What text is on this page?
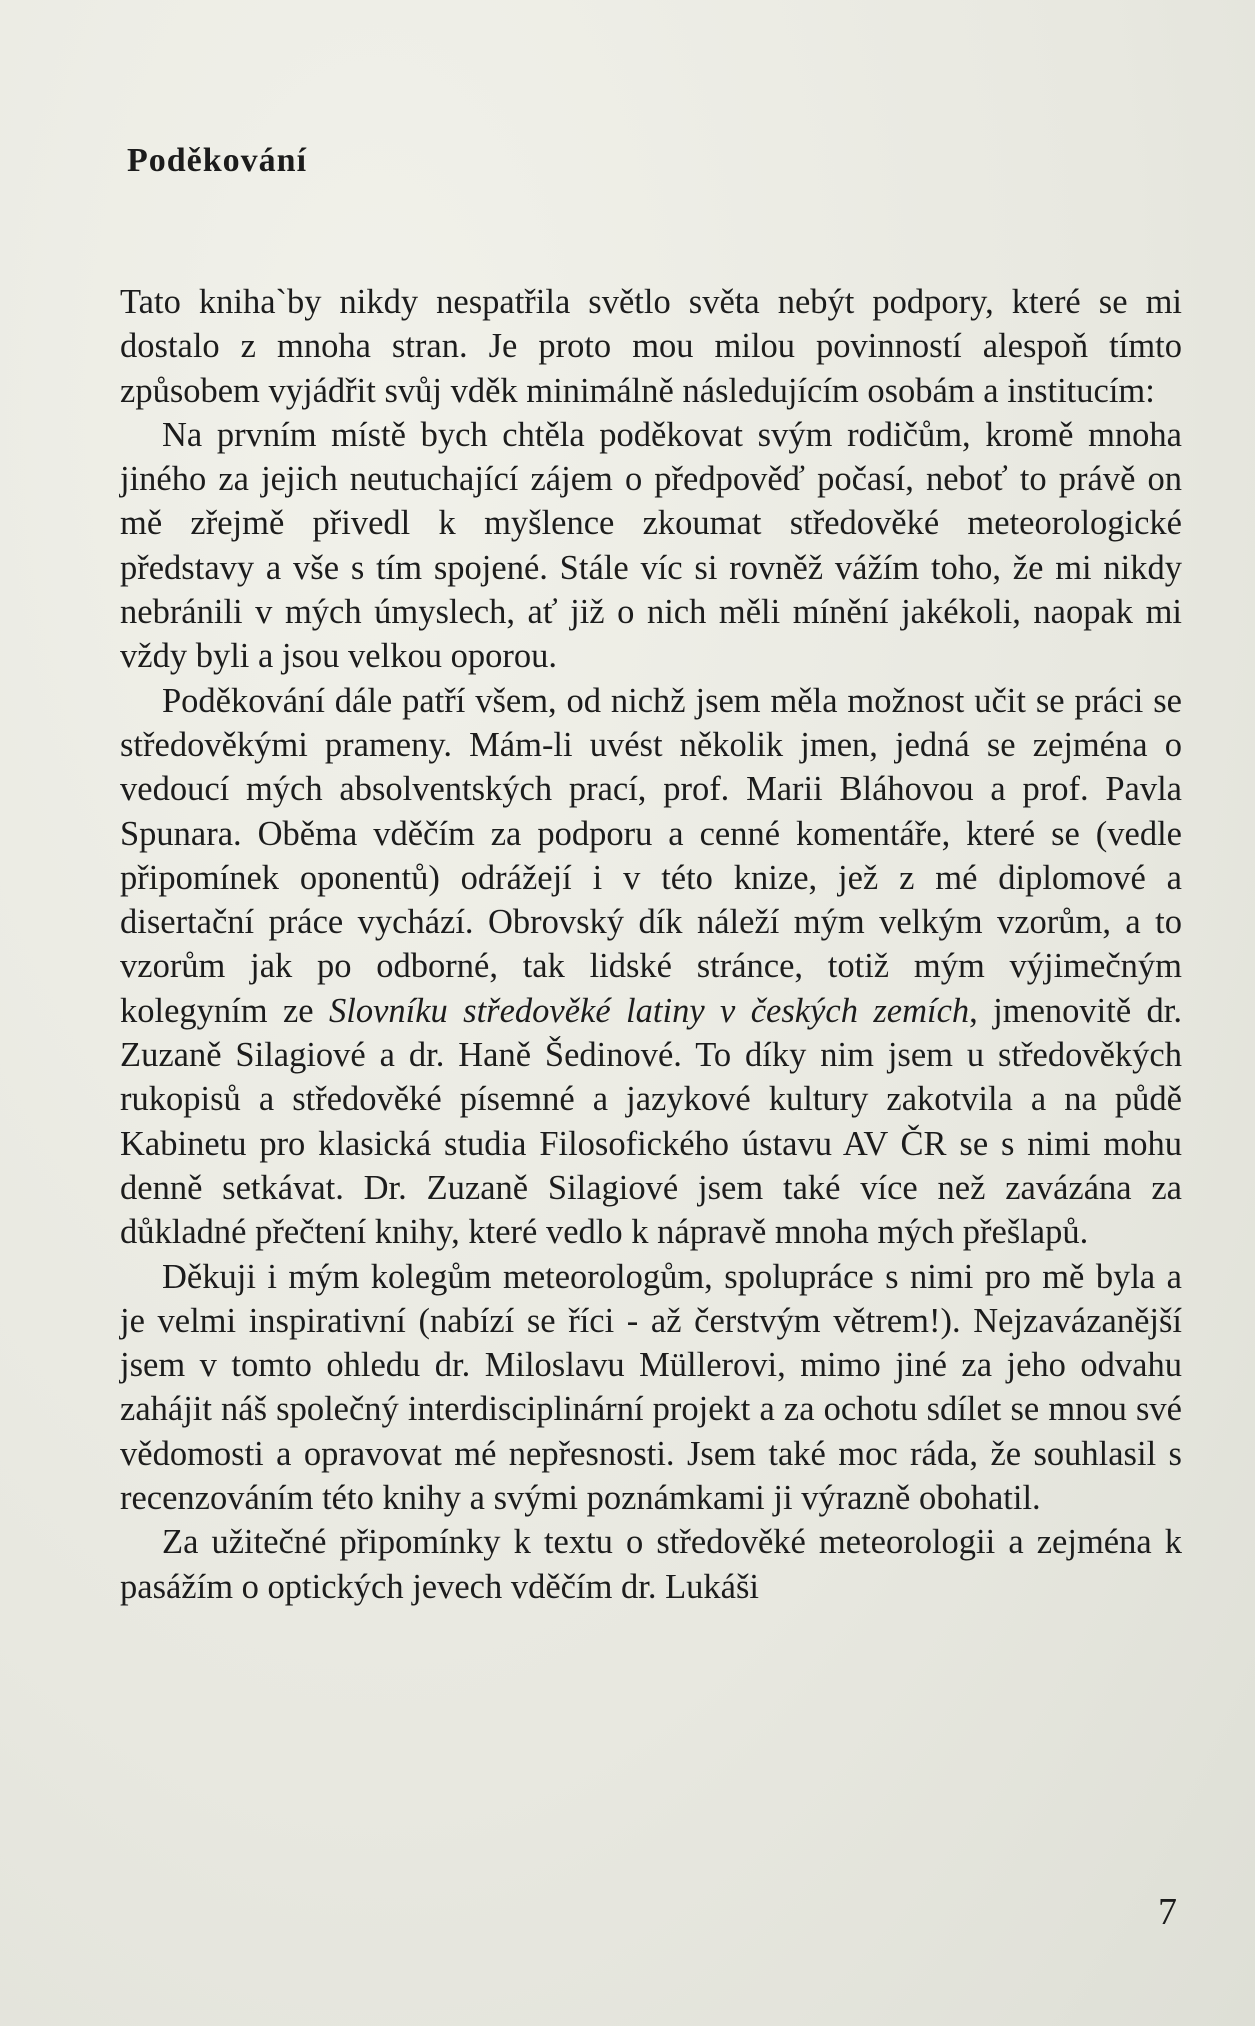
Poděkování

Tato kniha`by nikdy nespatřila světlo světa nebýt podpory, které se mi dostalo z mnoha stran. Je proto mou milou povinností alespoň tímto způsobem vyjádřit svůj vděk minimálně následujícím osobám a institucím:

Na prvním místě bych chtěla poděkovat svým rodičům, kromě mnoha jiného za jejich neutuchající zájem o předpověď počasí, neboť to právě on mě zřejmě přivedl k myšlence zkoumat středověké meteorologické představy a vše s tím spojené. Stále víc si rovněž vážím toho, že mi nikdy nebránili v mých úmyslech, ať již o nich měli mínění jakékoli, naopak mi vždy byli a jsou velkou oporou.

Poděkování dále patří všem, od nichž jsem měla možnost učit se práci se středověkými prameny. Mám-li uvést několik jmen, jedná se zejména o vedoucí mých absolventských prací, prof. Marii Bláhovou a prof. Pavla Spunara. Oběma vděčím za podporu a cenné komentáře, které se (vedle připomínek oponentů) odrážejí i v této knize, jež z mé diplomové a disertační práce vychází. Obrovský dík náleží mým velkým vzorům, a to vzorům jak po odborné, tak lidské stránce, totiž mým výjimečným kolegyním ze Slovníku středověké latiny v českých zemích, jmenovitě dr. Zuzaně Silagiové a dr. Haně Šedinové. To díky nim jsem u středověkých rukopisů a středověké písemné a jazykové kultury zakotvila a na půdě Kabinetu pro klasická studia Filosofického ústavu AV ČR se s nimi mohu denně setkávat. Dr. Zuzaně Silagiové jsem také více než zavázána za důkladné přečtení knihy, které vedlo k nápravě mnoha mých přešlapů.

Děkuji i mým kolegům meteorologům, spolupráce s nimi pro mě byla a je velmi inspirativní (nabízí se říci - až čerstvým větrem!). Nejzavázanější jsem v tomto ohledu dr. Miloslavu Müllerovi, mimo jiné za jeho odvahu zahájit náš společný interdisciplinární projekt a za ochotu sdílet se mnou své vědomosti a opravovat mé nepřesnosti. Jsem také moc ráda, že souhlasil s recenzováním této knihy a svými poznámkami ji výrazně obohatil.

Za užitečné připomínky k textu o středověké meteorologii a zejména k pasážím o optických jevech vděčím dr. Lukáši

7
